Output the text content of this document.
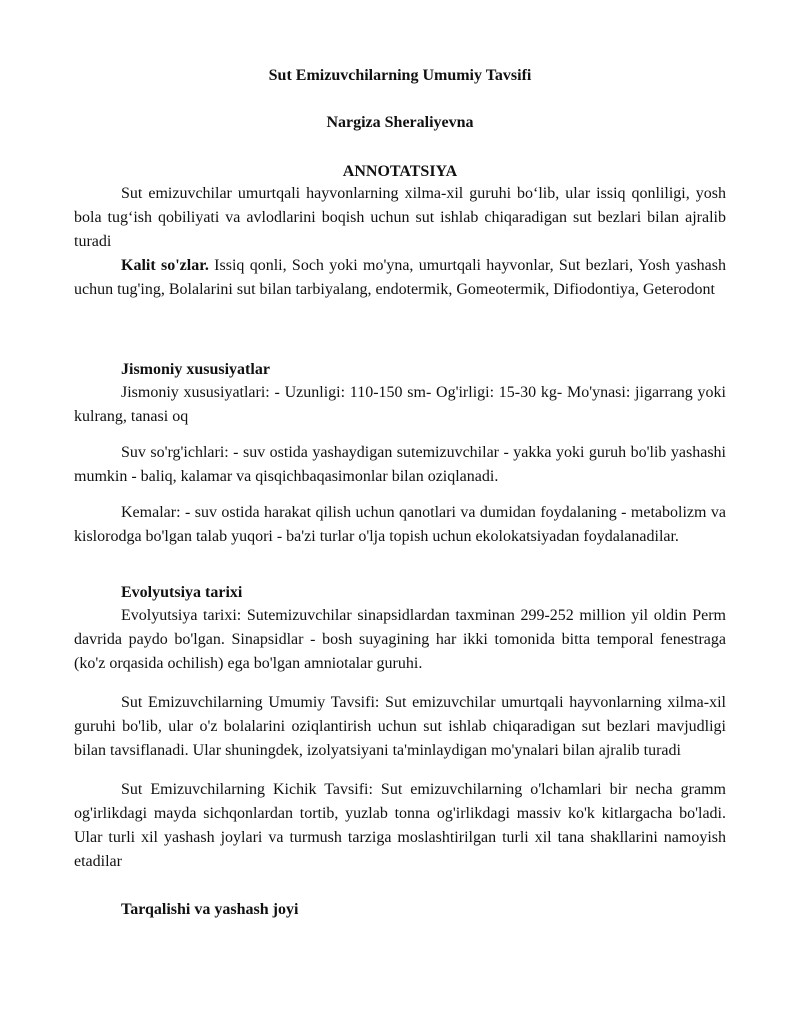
Sut Emizuvchilarning Umumiy Tavsifi
Nargiza Sheraliyevna
ANNOTATSIYA

Sut emizuvchilar umurtqali hayvonlarning xilma-xil guruhi bo‘lib, ular issiq qonliligi, yosh bola tug‘ish qobiliyati va avlodlarini boqish uchun sut ishlab chiqaradigan sut bezlari bilan ajralib turadi

Kalit so'zlar. Issiq qonli, Soch yoki mo'yna, umurtqali hayvonlar, Sut bezlari, Yosh yashash uchun tug'ing, Bolalarini sut bilan tarbiyalang, endotermik, Gomeotermik, Difiodontiya, Geterodont

Jismoniy xususiyatlar

Jismoniy xususiyatlari: - Uzunligi: 110-150 sm- Og'irligi: 15-30 kg- Mo'ynasi: jigarrang yoki kulrang, tanasi oq

Suv so'rg'ichlari: - suv ostida yashaydigan sutemizuvchilar - yakka yoki guruh bo'lib yashashi mumkin - baliq, kalamar va qisqichbaqasimonlar bilan oziqlanadi.

Kemalar: - suv ostida harakat qilish uchun qanotlari va dumidan foydalaning - metabolizm va kislorodga bo'lgan talab yuqori - ba'zi turlar o'lja topish uchun ekolokatsiyadan foydalanadilar.

Evolyutsiya tarixi

Evolyutsiya tarixi: Sutemizuvchilar sinapsidlardan taxminan 299-252 million yil oldin Perm davrida paydo bo'lgan. Sinapsidlar - bosh suyagining har ikki tomonida bitta temporal fenestraga (ko'z orqasida ochilish) ega bo'lgan amniotalar guruhi.

Sut Emizuvchilarning Umumiy Tavsifi: Sut emizuvchilar umurtqali hayvonlarning xilma-xil guruhi bo'lib, ular o'z bolalarini oziqlantirish uchun sut ishlab chiqaradigan sut bezlari mavjudligi bilan tavsiflanadi. Ular shuningdek, izolyatsiyani ta'minlaydigan mo'ynalari bilan ajralib turadi

Sut Emizuvchilarning Kichik Tavsifi: Sut emizuvchilarning o'lchamlari bir necha gramm og'irlikdagi mayda sichqonlardan tortib, yuzlab tonna og'irlikdagi massiv ko'k kitlargacha bo'ladi. Ular turli xil yashash joylari va turmush tarziga moslashtirilgan turli xil tana shakllarini namoyish etadilar

Tarqalishi va yashash joyi
